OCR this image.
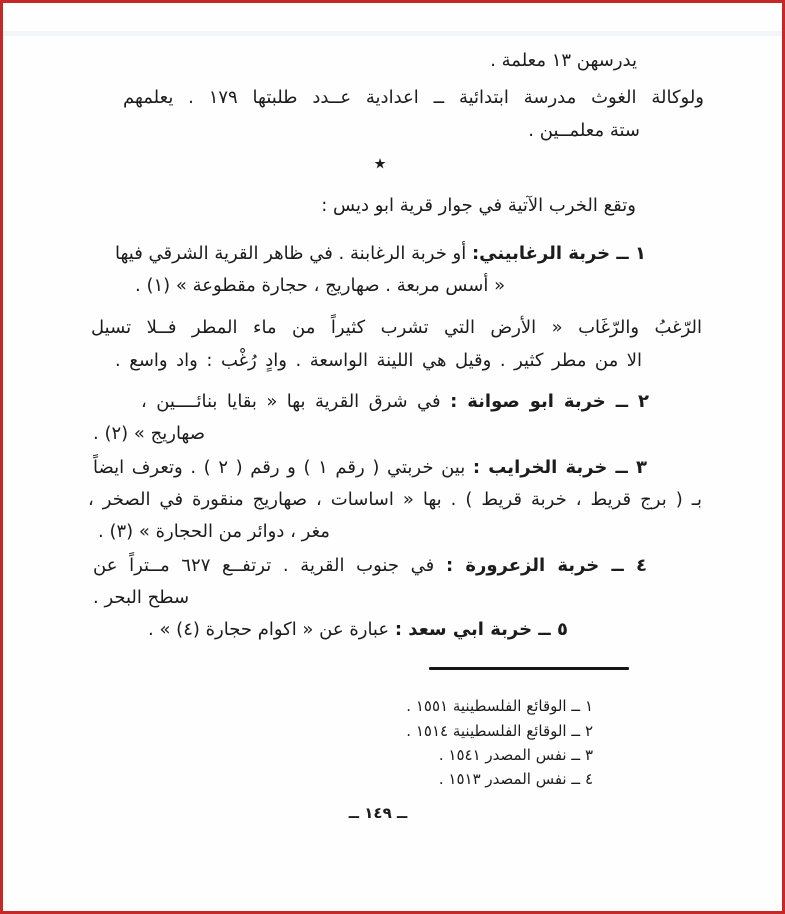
يدرسهن ١٣ معلمة .
ولوكالة الغوث مدرسة ابتدائية ــ اعدادية عــدد طلبتها ١٧٩ . يعلمهم
ستة معلمــين .
٭
وتقع الخرب الآتية في جوار قرية ابو ديس :
١ ــ خربة الرغابيني: أو خربة الرغابنة . في ظاهر القرية الشرقي فيها
« أسس مربعة . صهاريج ، حجارة مقطوعة » (١) .
الرّغبُ والرّغَاب « الأرض التي تشرب كثيراً من ماء المطر فــلا تسيل
الا من مطر كثير . وقيل هي اللينة الواسعة . وادٍ رُغْب : واد واسع .
٢ ــ خربة ابو صوانة : في شرق القرية بها « بقايا بنائــــين ،
صهاريج » (٢) .
٣ ــ خربة الخرايب : بين خربتي ( رقم ١ ) و رقم ( ٢ ) . وتعرف ايضاً
بـ ( برج قريط ، خربة قريط ) . بها « اساسات ، صهاريج منقورة في الصخر ،
مغر ، دوائر من الحجارة » (٣) .
٤ ــ خربة الزعرورة : في جنوب القرية . ترتفــع ٦٢٧ مــتراً عن
سطح البحر .
٥ ــ خربة ابي سعد : عبارة عن « اكوام حجارة (٤) » .
١ ــ الوقائع الفلسطينية ١٥٥١ .
٢ ــ الوقائع الفلسطينية ١٥١٤ .
٣ ــ نفس المصدر ١٥٤١ .
٤ ــ نفس المصدر ١٥١٣ .
ــ ١٤٩ ــ
